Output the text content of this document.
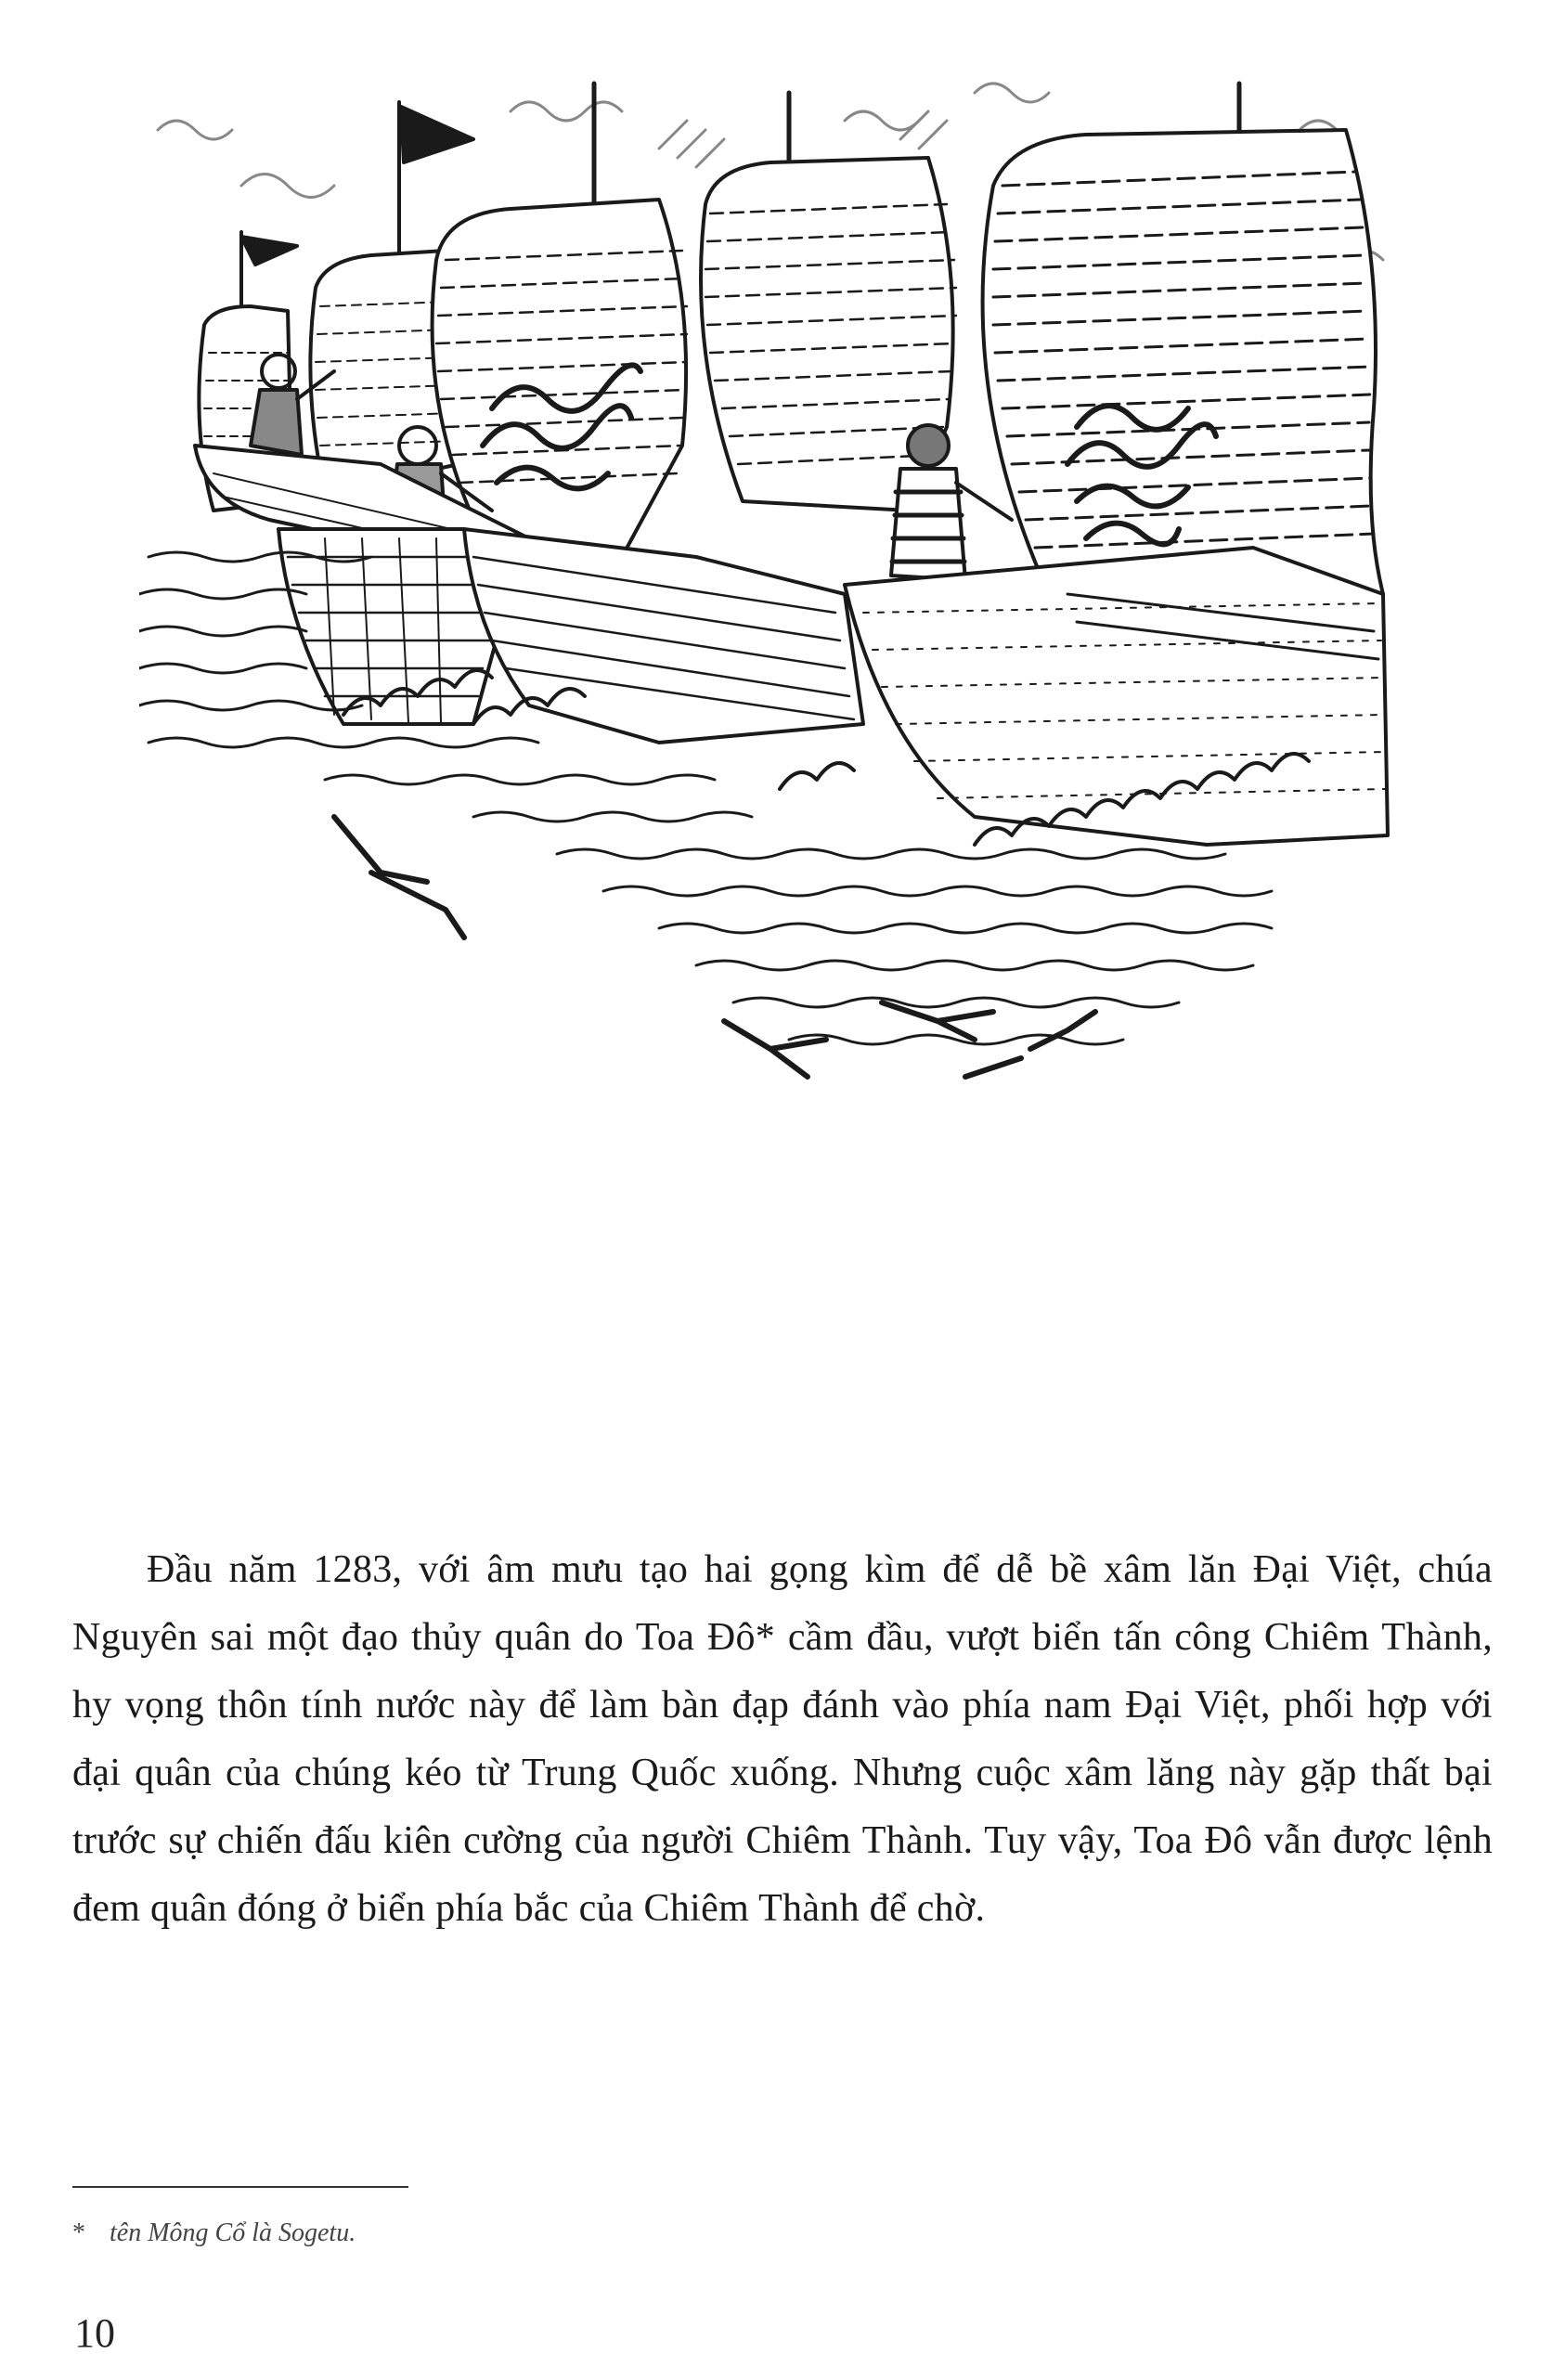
Đầu năm 1283, với âm mưu tạo hai gọng kìm để dễ bề xâm lăn Đại Việt, chúa Nguyên sai một đạo thủy quân do Toa Đô* cầm đầu, vượt biển tấn công Chiêm Thành, hy vọng thôn tính nước này để làm bàn đạp đánh vào phía nam Đại Việt, phối hợp với đại quân của chúng kéo từ Trung Quốc xuống. Nhưng cuộc xâm lăng này gặp thất bại trước sự chiến đấu kiên cường của người Chiêm Thành. Tuy vậy, Toa Đô vẫn được lệnh đem quân đóng ở biển phía bắc của Chiêm Thành để chờ.

* tên Mông Cổ là Sogetu.
10
